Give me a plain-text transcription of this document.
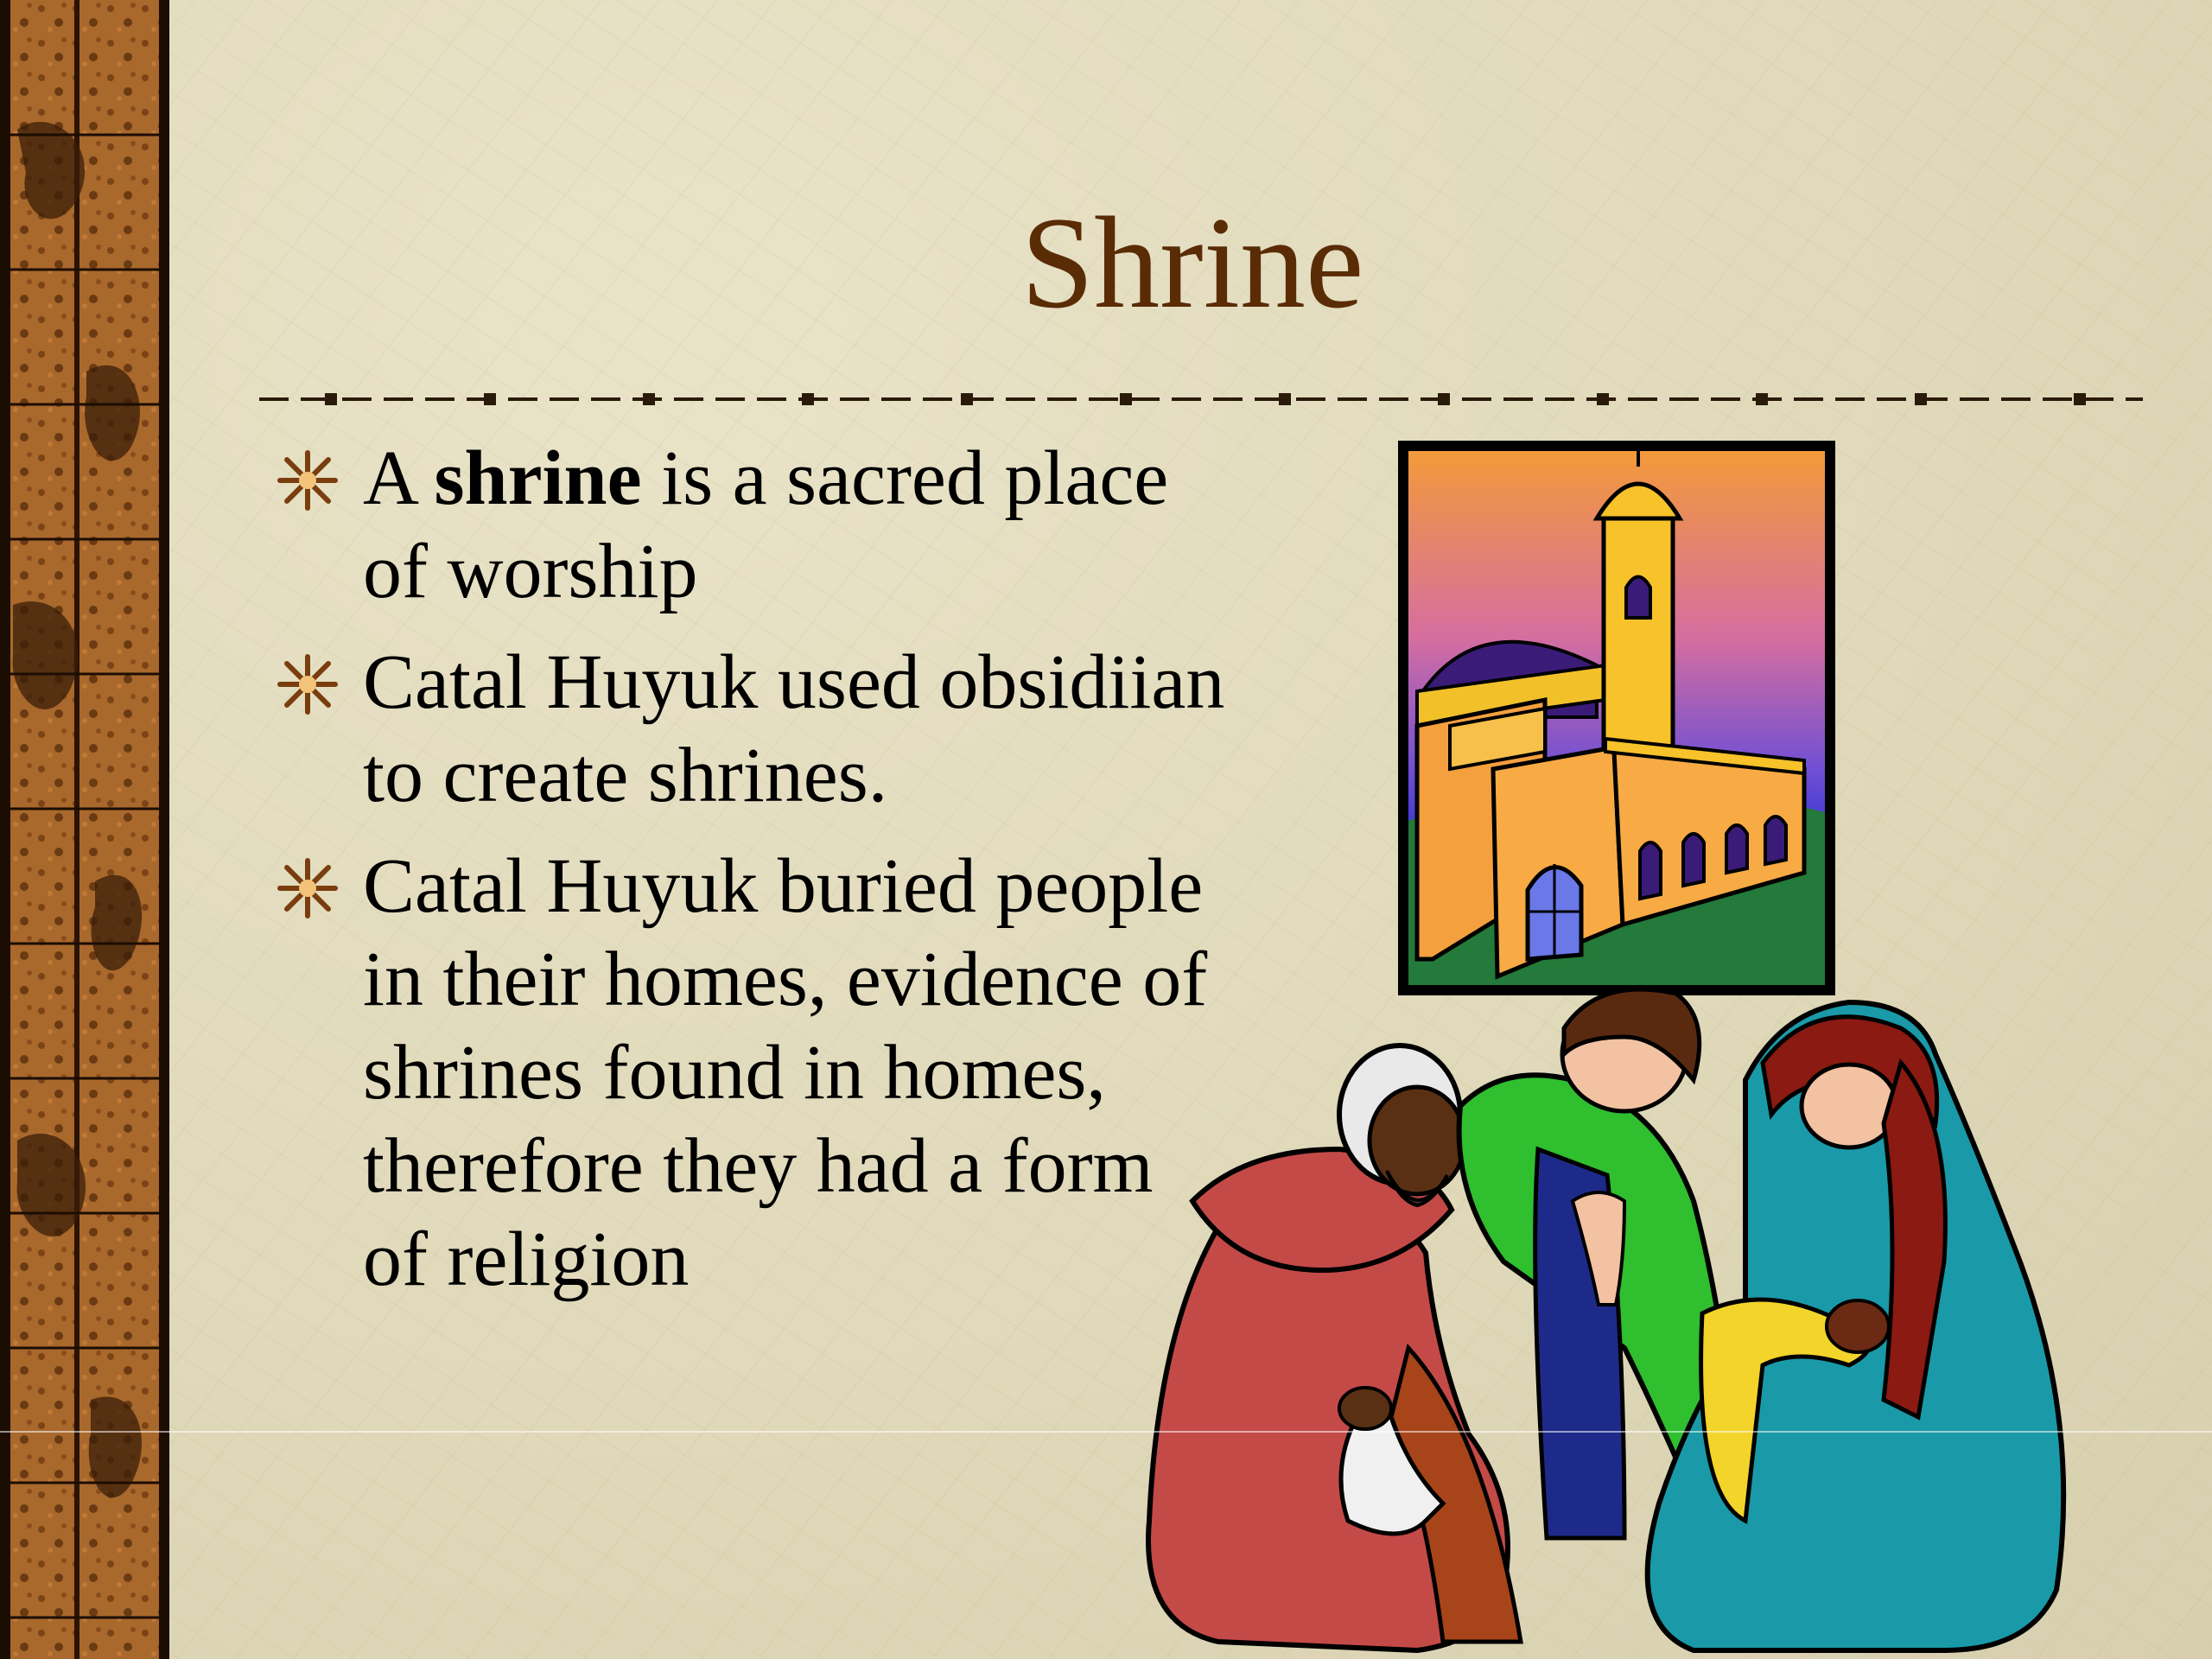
Shrine
A shrine is a sacred place of worship
Catal Huyuk used obsidiian to create shrines.
Catal Huyuk buried people in their homes, evidence of shrines found in homes, therefore they had a form of religion
